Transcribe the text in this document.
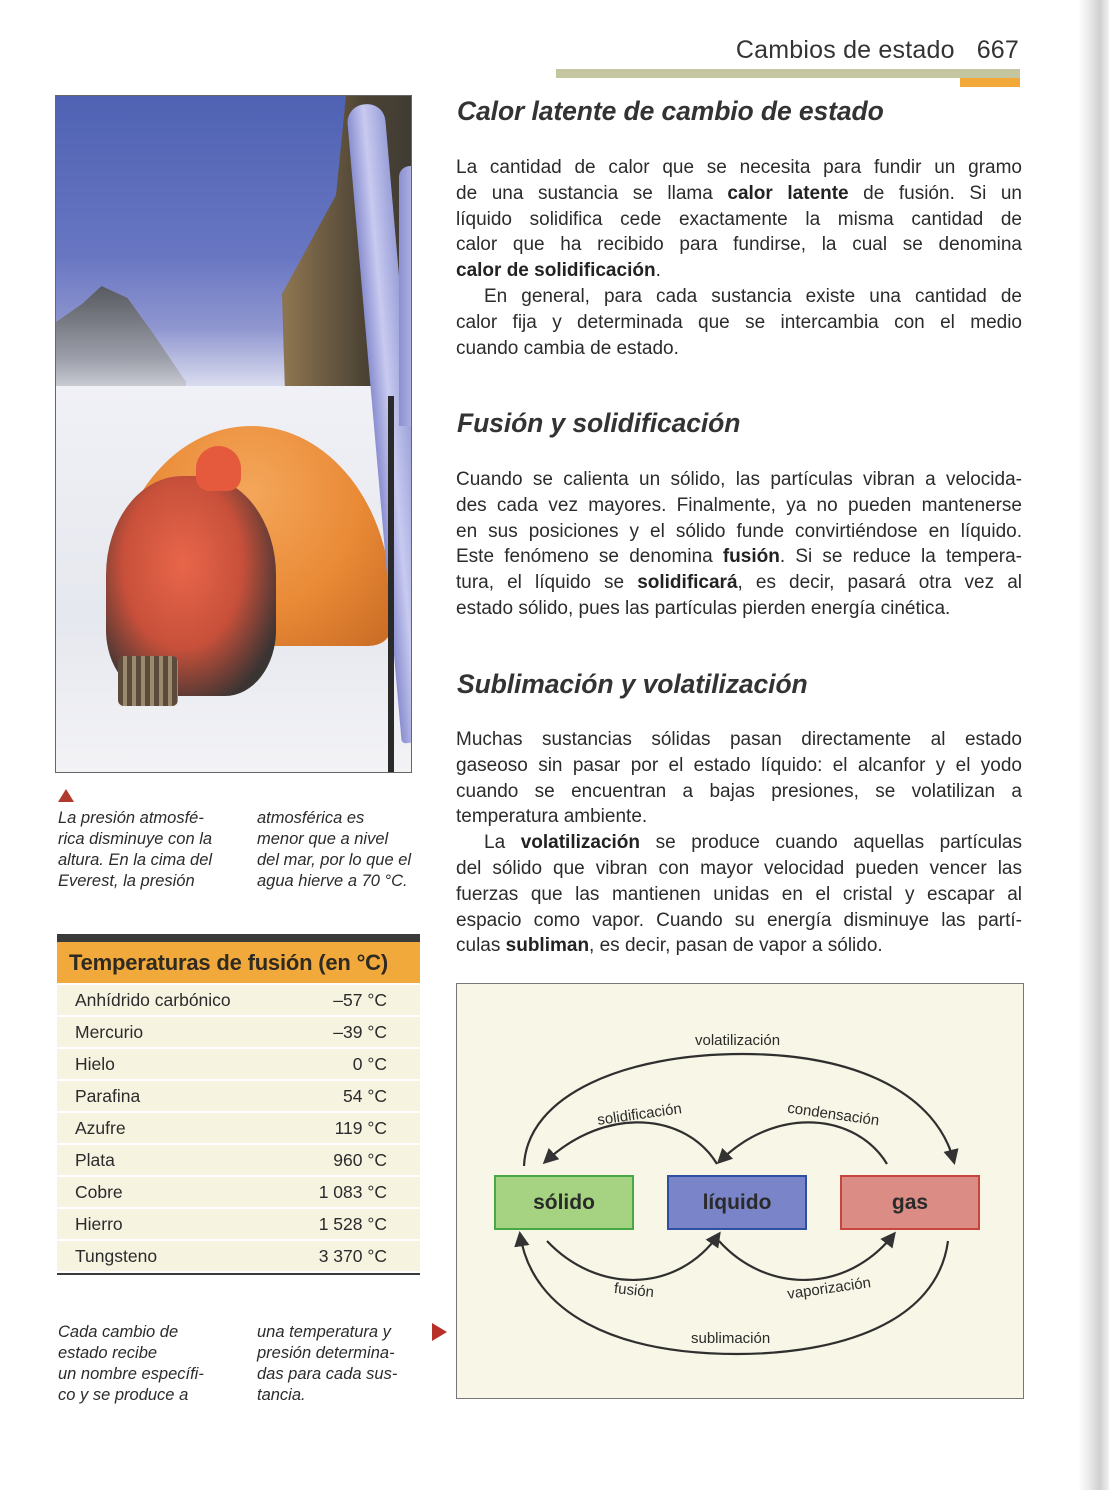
Cambios de estado 667
La presión atmosfé-
rica disminuye con la
altura. En la cima del
Everest, la presión
atmosférica es
menor que a nivel
del mar, por lo que el
agua hierve a 70 °C.
Temperaturas de fusión (en °C)
Anhídrido carbónico	–57 °C
Mercurio	–39 °C
Hielo	0 °C
Parafina	54 °C
Azufre	119 °C
Plata	960 °C
Cobre	1 083 °C
Hierro	1 528 °C
Tungsteno	3 370 °C
Cada cambio de
estado recibe
un nombre específi-
co y se produce a
una temperatura y
presión determina-
das para cada sus-
tancia.
Calor latente de cambio de estado
La cantidad de calor que se necesita para fundir un gramo
de una sustancia se llama calor latente de fusión. Si un
líquido solidifica cede exactamente la misma cantidad de
calor que ha recibido para fundirse, la cual se denomina
calor de solidificación.
En general, para cada sustancia existe una cantidad de
calor fija y determinada que se intercambia con el medio
cuando cambia de estado.
Fusión y solidificación
Cuando se calienta un sólido, las partículas vibran a velocida-
des cada vez mayores. Finalmente, ya no pueden mantenerse
en sus posiciones y el sólido funde convirtiéndose en líquido.
Este fenómeno se denomina fusión. Si se reduce la tempera-
tura, el líquido se solidificará, es decir, pasará otra vez al
estado sólido, pues las partículas pierden energía cinética.
Sublimación y volatilización
Muchas sustancias sólidas pasan directamente al estado
gaseoso sin pasar por el estado líquido: el alcanfor y el yodo
cuando se encuentran a bajas presiones, se volatilizan a
temperatura ambiente.
La volatilización se produce cuando aquellas partículas
del sólido que vibran con mayor velocidad pueden vencer las
fuerzas que las mantienen unidas en el cristal y escapar al
espacio como vapor. Cuando su energía disminuye las partí-
culas subliman, es decir, pasan de vapor a sólido.
volatilización
solidificación	condensación
sólido	líquido	gas
fusión	vaporización
sublimación
